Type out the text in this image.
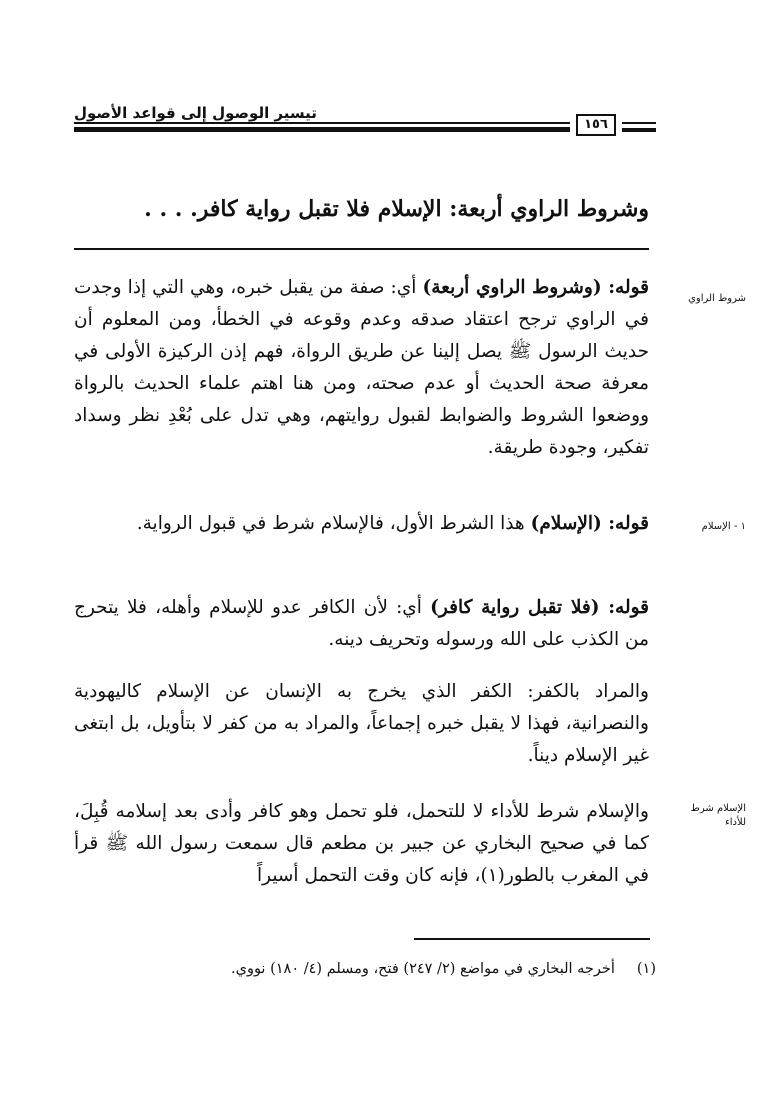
تيسير الوصول إلى قواعد الأصول
١٥٦
وشروط الراوي أربعة: الإسلام فلا تقبل رواية كافر. . . .
شروط الراوي
١ - الإسلام
الإسلام شرط للأداء
قوله: (وشروط الراوي أربعة) أي: صفة من يقبل خبره، وهي التي إذا وجدت في الراوي ترجح اعتقاد صدقه وعدم وقوعه في الخطأ، ومن المعلوم أن حديث الرسول ﷺ يصل إلينا عن طريق الرواة، فهم إذن الركيزة الأولى في معرفة صحة الحديث أو عدم صحته، ومن هنا اهتم علماء الحديث بالرواة ووضعوا الشروط والضوابط لقبول روايتهم، وهي تدل على بُعْدِ نظر وسداد تفكير، وجودة طريقة.
قوله: (الإسلام) هذا الشرط الأول، فالإسلام شرط في قبول الرواية.
قوله: (فلا تقبل رواية كافر) أي: لأن الكافر عدو للإسلام وأهله، فلا يتحرج من الكذب على الله ورسوله وتحريف دينه.
والمراد بالكفر: الكفر الذي يخرج به الإنسان عن الإسلام كاليهودية والنصرانية، فهذا لا يقبل خبره إجماعاً، والمراد به من كفر لا بتأويل، بل ابتغى غير الإسلام ديناً.
والإسلام شرط للأداء لا للتحمل، فلو تحمل وهو كافر وأدى بعد إسلامه قُبِلَ، كما في صحيح البخاري عن جبير بن مطعم قال سمعت رسول الله ﷺ قرأ في المغرب بالطور(١)، فإنه كان وقت التحمل أسيراً
(١)أخرجه البخاري في مواضع (٢/ ٢٤٧) فتح، ومسلم (٤/ ١٨٠) نووي.
